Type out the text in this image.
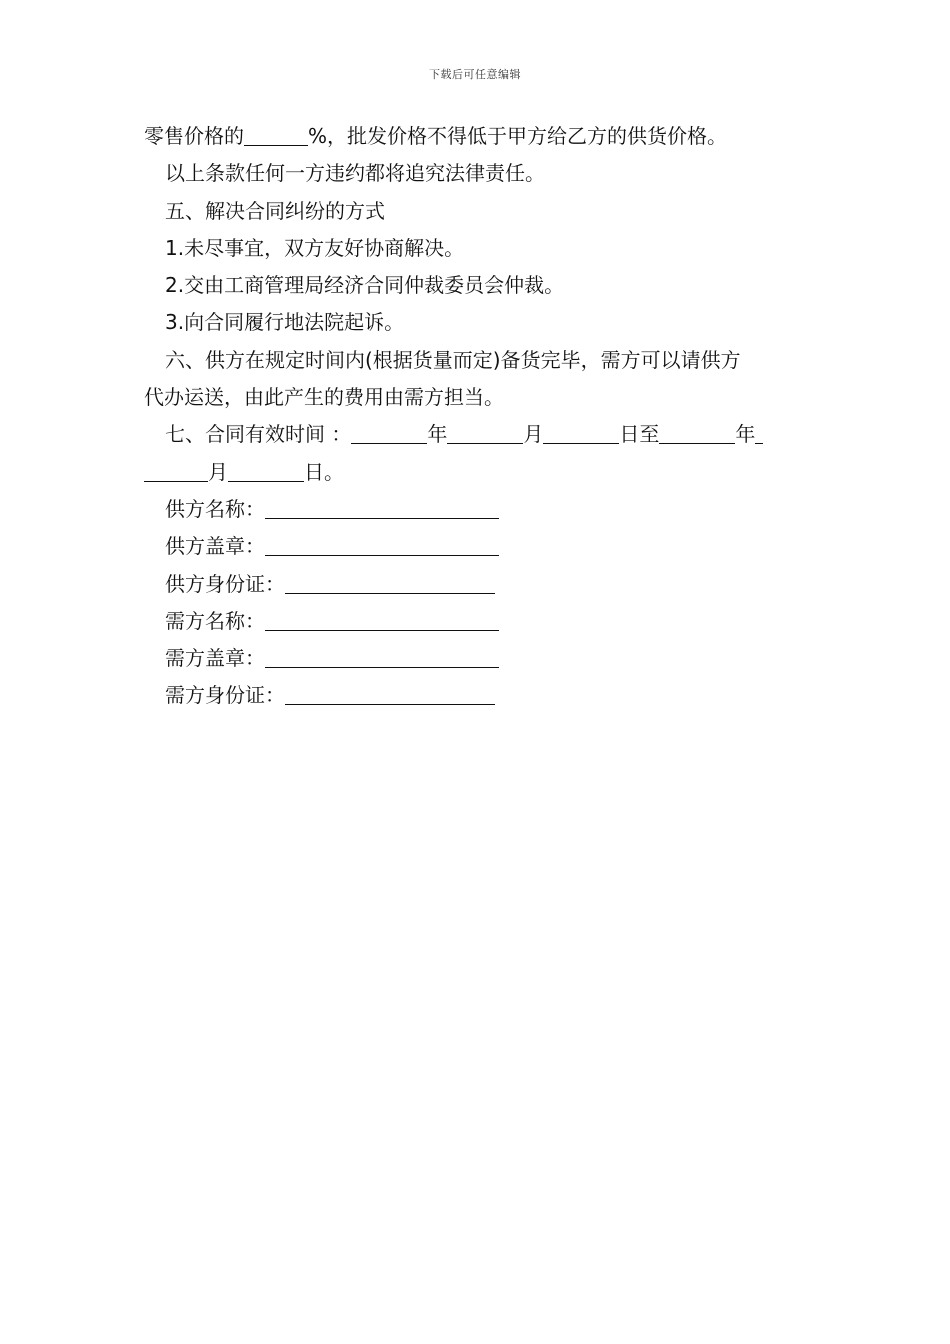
下载后可任意编辑
零售价格的	%，批发价格不得低于甲方给乙方的供货价格。
以上条款任何一方违约都将追究法律责任。
五、解决合同纠纷的方式
1.未尽事宜，双方友好协商解决。
2.交由工商管理局经济合同仲裁委员会仲裁。
3.向合同履行地法院起诉。
六、供方在规定时间内(根据货量而定)备货完毕，需方可以请供方
代办运送，由此产生的费用由需方担当。
七、合同有效时间 ：	年	月	日至	年
月	日。
供方名称：
供方盖章：
供方身份证：
需方名称：
需方盖章：
需方身份证：
